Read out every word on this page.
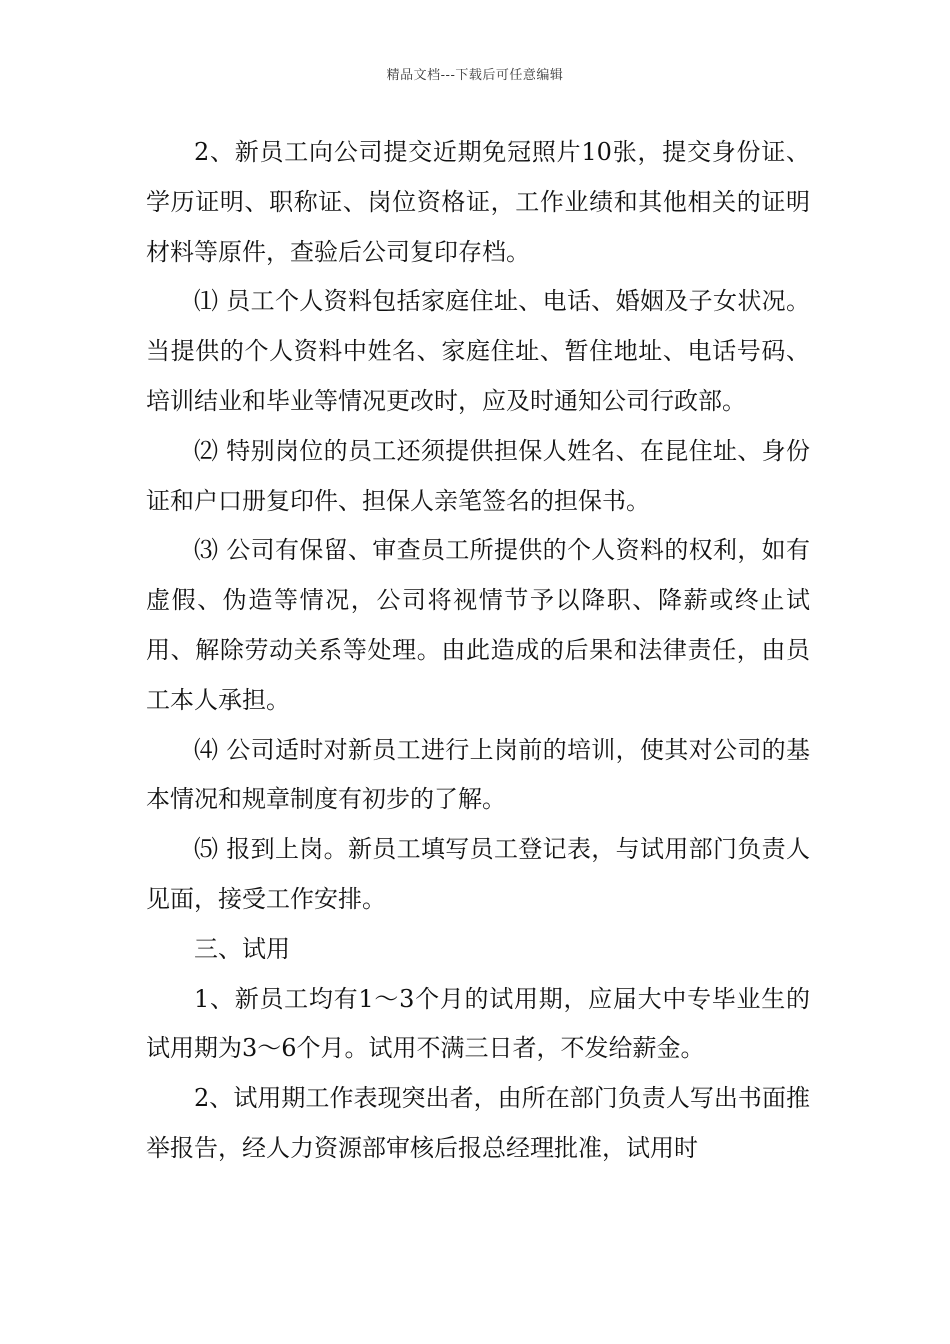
精品文档---下载后可任意编辑

2、新员工向公司提交近期免冠照片10张，提交身份证、学历证明、职称证、岗位资格证，工作业绩和其他相关的证明材料等原件，查验后公司复印存档。

⑴ 员工个人资料包括家庭住址、电话、婚姻及子女状况。当提供的个人资料中姓名、家庭住址、暂住地址、电话号码、培训结业和毕业等情况更改时，应及时通知公司行政部。

⑵ 特别岗位的员工还须提供担保人姓名、在昆住址、身份证和户口册复印件、担保人亲笔签名的担保书。

⑶ 公司有保留、审查员工所提供的个人资料的权利，如有虚假、伪造等情况，公司将视情节予以降职、降薪或终止试用、解除劳动关系等处理。由此造成的后果和法律责任，由员工本人承担。

⑷ 公司适时对新员工进行上岗前的培训，使其对公司的基本情况和规章制度有初步的了解。

⑸ 报到上岗。新员工填写员工登记表，与试用部门负责人见面，接受工作安排。

三、试用

1、新员工均有1～3个月的试用期，应届大中专毕业生的试用期为3～6个月。试用不满三日者，不发给薪金。

2、试用期工作表现突出者，由所在部门负责人写出书面推举报告，经人力资源部审核后报总经理批准，试用时
